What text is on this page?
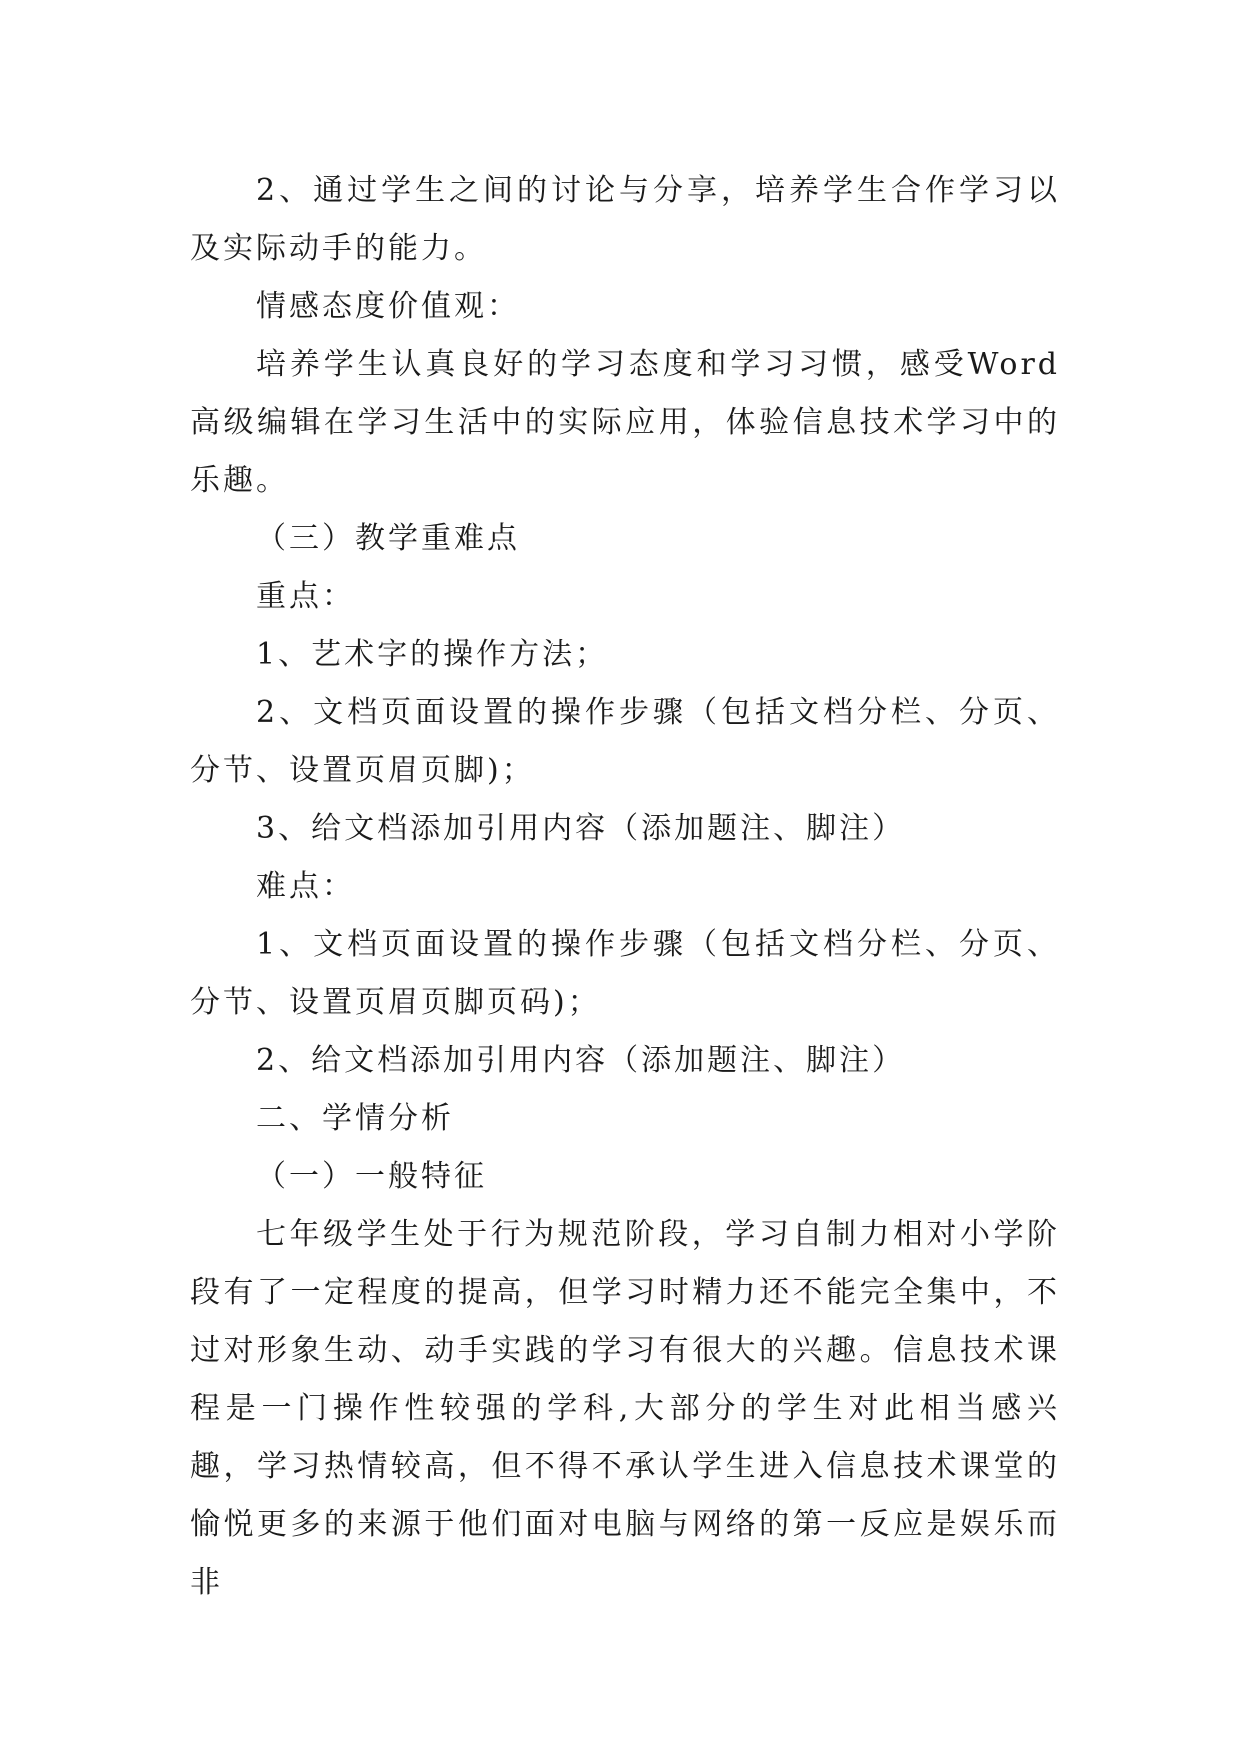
2、通过学生之间的讨论与分享，培养学生合作学习以及实际动手的能力。

情感态度价值观：

培养学生认真良好的学习态度和学习习惯，感受Word高级编辑在学习生活中的实际应用，体验信息技术学习中的乐趣。

（三）教学重难点

重点：

1、艺术字的操作方法；

2、文档页面设置的操作步骤（包括文档分栏、分页、分节、设置页眉页脚)；

3、给文档添加引用内容（添加题注、脚注）

难点：

1、文档页面设置的操作步骤（包括文档分栏、分页、分节、设置页眉页脚页码)；

2、给文档添加引用内容（添加题注、脚注）

二、学情分析

（一）一般特征

七年级学生处于行为规范阶段，学习自制力相对小学阶段有了一定程度的提高，但学习时精力还不能完全集中，不过对形象生动、动手实践的学习有很大的兴趣。信息技术课程是一门操作性较强的学科,大部分的学生对此相当感兴趣，学习热情较高，但不得不承认学生进入信息技术课堂的愉悦更多的来源于他们面对电脑与网络的第一反应是娱乐而非
